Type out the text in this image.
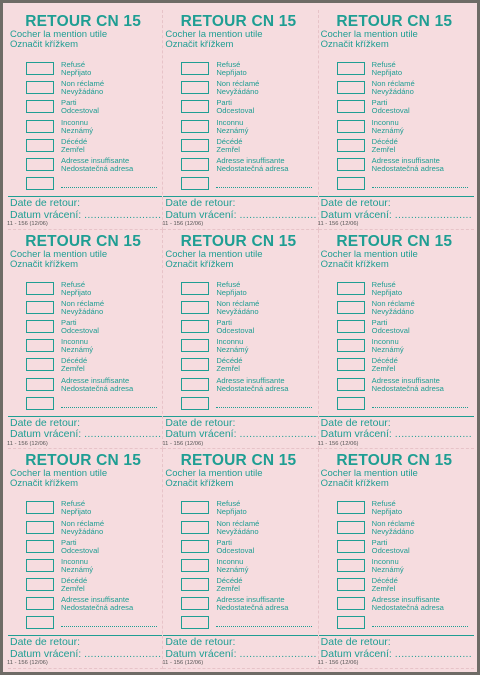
RETOUR CN 15
Cocher la mention utile
Označit křížkem
Refusé
Nepřijato
Non réclamé
Nevyžádáno
Parti
Odcestoval
Inconnu
Neznámý
Décédé
Zemřel
Adresse insuffisante
Nedostatečná adresa
Date de retour:
Datum vrácení: ........................
11 - 156 (12/06)
RETOUR CN 15
Cocher la mention utile
Označit křížkem
Refusé
Nepřijato
Non réclamé
Nevyžádáno
Parti
Odcestoval
Inconnu
Neznámý
Décédé
Zemřel
Adresse insuffisante
Nedostatečná adresa
Date de retour:
Datum vrácení: ........................
11 - 156 (12/06)
RETOUR CN 15
Cocher la mention utile
Označit křížkem
Refusé
Nepřijato
Non réclamé
Nevyžádáno
Parti
Odcestoval
Inconnu
Neznámý
Décédé
Zemřel
Adresse insuffisante
Nedostatečná adresa
Date de retour:
Datum vrácení: ........................
11 - 156 (12/06)
RETOUR CN 15
Cocher la mention utile
Označit křížkem
Refusé
Nepřijato
Non réclamé
Nevyžádáno
Parti
Odcestoval
Inconnu
Neznámý
Décédé
Zemřel
Adresse insuffisante
Nedostatečná adresa
Date de retour:
Datum vrácení: ........................
11 - 156 (12/06)
RETOUR CN 15
Cocher la mention utile
Označit křížkem
Refusé
Nepřijato
Non réclamé
Nevyžádáno
Parti
Odcestoval
Inconnu
Neznámý
Décédé
Zemřel
Adresse insuffisante
Nedostatečná adresa
Date de retour:
Datum vrácení: ........................
11 - 156 (12/06)
RETOUR CN 15
Cocher la mention utile
Označit křížkem
Refusé
Nepřijato
Non réclamé
Nevyžádáno
Parti
Odcestoval
Inconnu
Neznámý
Décédé
Zemřel
Adresse insuffisante
Nedostatečná adresa
Date de retour:
Datum vrácení: ........................
11 - 156 (12/06)
RETOUR CN 15
Cocher la mention utile
Označit křížkem
Refusé
Nepřijato
Non réclamé
Nevyžádáno
Parti
Odcestoval
Inconnu
Neznámý
Décédé
Zemřel
Adresse insuffisante
Nedostatečná adresa
Date de retour:
Datum vrácení: ........................
11 - 156 (12/06)
RETOUR CN 15
Cocher la mention utile
Označit křížkem
Refusé
Nepřijato
Non réclamé
Nevyžádáno
Parti
Odcestoval
Inconnu
Neznámý
Décédé
Zemřel
Adresse insuffisante
Nedostatečná adresa
Date de retour:
Datum vrácení: ........................
11 - 156 (12/06)
RETOUR CN 15
Cocher la mention utile
Označit křížkem
Refusé
Nepřijato
Non réclamé
Nevyžádáno
Parti
Odcestoval
Inconnu
Neznámý
Décédé
Zemřel
Adresse insuffisante
Nedostatečná adresa
Date de retour:
Datum vrácení: ........................
11 - 156 (12/06)
